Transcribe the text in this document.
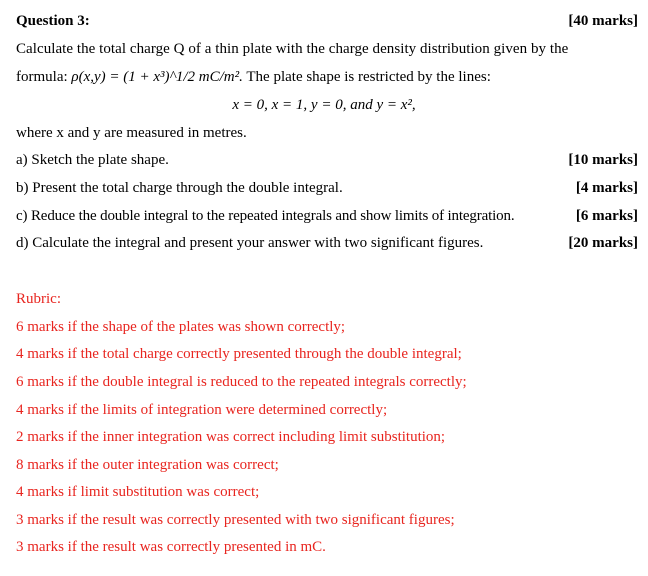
Question 3:	[40 marks]
Calculate the total charge Q of a thin plate with the charge density distribution given by the
formula: ρ(x,y) = (1 + x³)^1/2 mC/m². The plate shape is restricted by the lines:
x = 0, x = 1, y = 0, and y = x²,
where x and y are measured in metres.
a) Sketch the plate shape.	[10 marks]
b) Present the total charge through the double integral.	[4 marks]
c) Reduce the double integral to the repeated integrals and show limits of integration.	[6 marks]
d) Calculate the integral and present your answer with two significant figures.	[20 marks]
Rubric:
6 marks if the shape of the plates was shown correctly;
4 marks if the total charge correctly presented through the double integral;
6 marks if the double integral is reduced to the repeated integrals correctly;
4 marks if the limits of integration were determined correctly;
2 marks if the inner integration was correct including limit substitution;
8 marks if the outer integration was correct;
4 marks if limit substitution was correct;
3 marks if the result was correctly presented with two significant figures;
3 marks if the result was correctly presented in mC.
